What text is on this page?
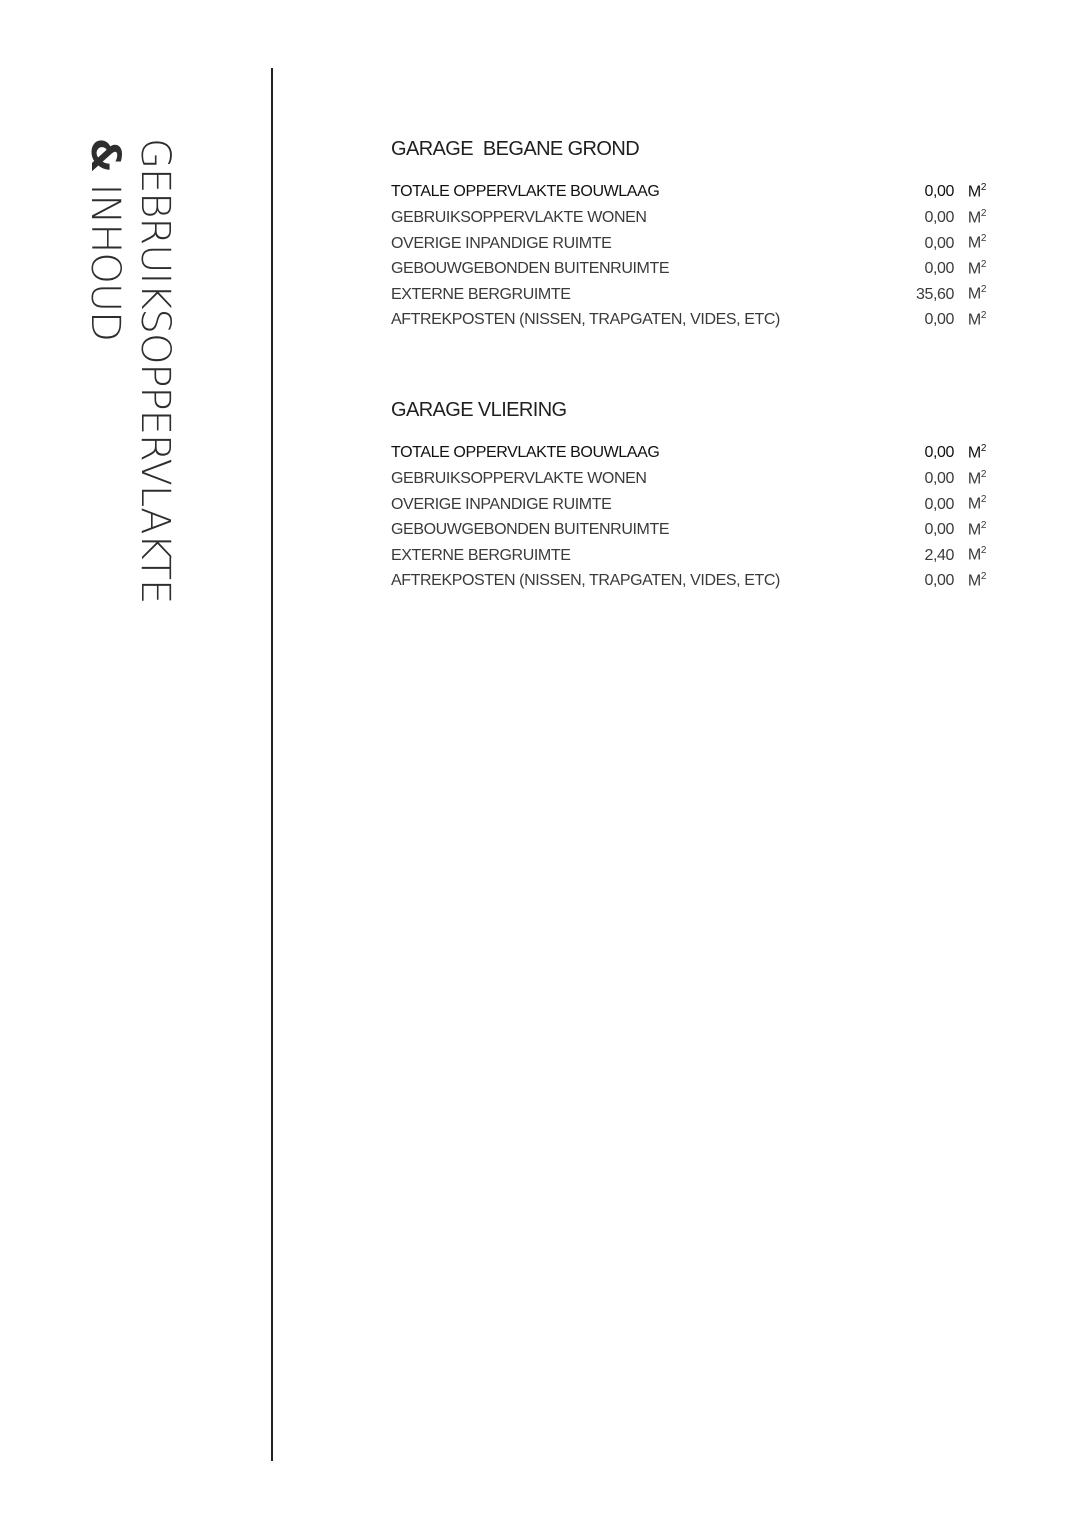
GEBRUIKSOPPERVLAKTE
& INHOUD
GARAGE  BEGANE GROND
TOTALE OPPERVLAKTE BOUWLAAG	0,00 $M^2$
GEBRUIKSOPPERVLAKTE WONEN	0,00 $M^2$
OVERIGE INPANDIGE RUIMTE	0,00 $M^2$
GEBOUWGEBONDEN BUITENRUIMTE	0,00 $M^2$
EXTERNE BERGRUIMTE	35,60 $M^2$
AFTREKPOSTEN (NISSEN, TRAPGATEN, VIDES, ETC)	0,00 $M^2$
GARAGE VLIERING
TOTALE OPPERVLAKTE BOUWLAAG	0,00 $M^2$
GEBRUIKSOPPERVLAKTE WONEN	0,00 $M^2$
OVERIGE INPANDIGE RUIMTE	0,00 $M^2$
GEBOUWGEBONDEN BUITENRUIMTE	0,00 $M^2$
EXTERNE BERGRUIMTE	2,40 $M^2$
AFTREKPOSTEN (NISSEN, TRAPGATEN, VIDES, ETC)	0,00 $M^2$
